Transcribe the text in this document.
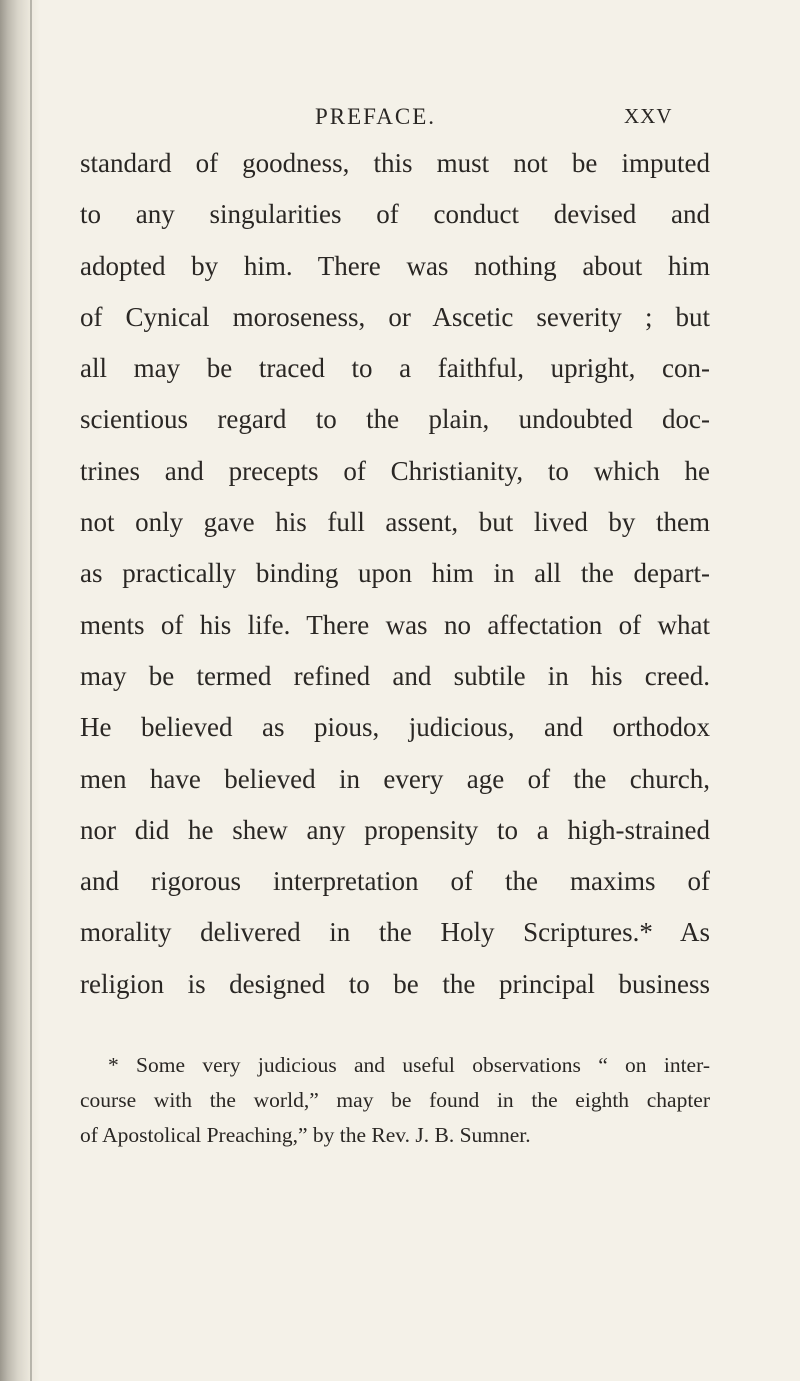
PREFACE.	XXV
standard of goodness, this must not be imputed
to any singularities of conduct devised and
adopted by him. There was nothing about him
of Cynical moroseness, or Ascetic severity ; but
all may be traced to a faithful, upright, con-
scientious regard to the plain, undoubted doc-
trines and precepts of Christianity, to which he
not only gave his full assent, but lived by them
as practically binding upon him in all the depart-
ments of his life. There was no affectation of what
may be termed refined and subtile in his creed.
He believed as pious, judicious, and orthodox
men have believed in every age of the church,
nor did he shew any propensity to a high-strained
and rigorous interpretation of the maxims of
morality delivered in the Holy Scriptures.* As
religion is designed to be the principal business
* Some very judicious and useful observations “ on inter-
course with the world,” may be found in the eighth chapter
of Apostolical Preaching,” by the Rev. J. B. Sumner.
